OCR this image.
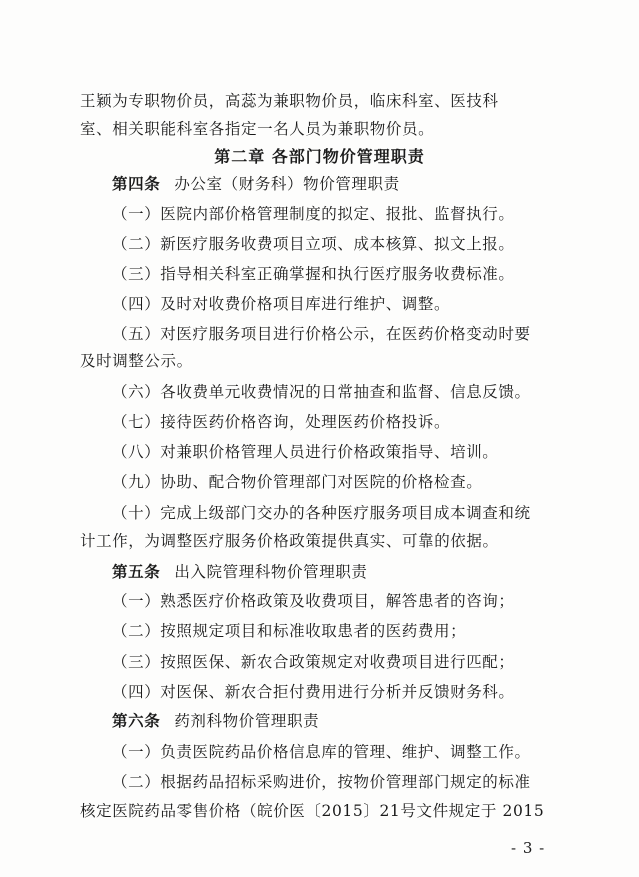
王颖为专职物价员，高蕊为兼职物价员，临床科室、医技科
室、相关职能科室各指定一名人员为兼职物价员。
第二章 各部门物价管理职责
第四条 办公室（财务科）物价管理职责
（一）医院内部价格管理制度的拟定、报批、监督执行。
（二）新医疗服务收费项目立项、成本核算、拟文上报。
（三）指导相关科室正确掌握和执行医疗服务收费标准。
（四）及时对收费价格项目库进行维护、调整。
（五）对医疗服务项目进行价格公示，在医药价格变动时要
及时调整公示。
（六）各收费单元收费情况的日常抽查和监督、信息反馈。
（七）接待医药价格咨询，处理医药价格投诉。
（八）对兼职价格管理人员进行价格政策指导、培训。
（九）协助、配合物价管理部门对医院的价格检查。
（十）完成上级部门交办的各种医疗服务项目成本调查和统
计工作，为调整医疗服务价格政策提供真实、可靠的依据。
第五条 出入院管理科物价管理职责
（一）熟悉医疗价格政策及收费项目，解答患者的咨询；
（二）按照规定项目和标准收取患者的医药费用；
（三）按照医保、新农合政策规定对收费项目进行匹配；
（四）对医保、新农合拒付费用进行分析并反馈财务科。
第六条 药剂科物价管理职责
（一）负责医院药品价格信息库的管理、维护、调整工作。
（二）根据药品招标采购进价，按物价管理部门规定的标准
核定医院药品零售价格（皖价医〔2015〕21号文件规定于 2015
- 3 -
